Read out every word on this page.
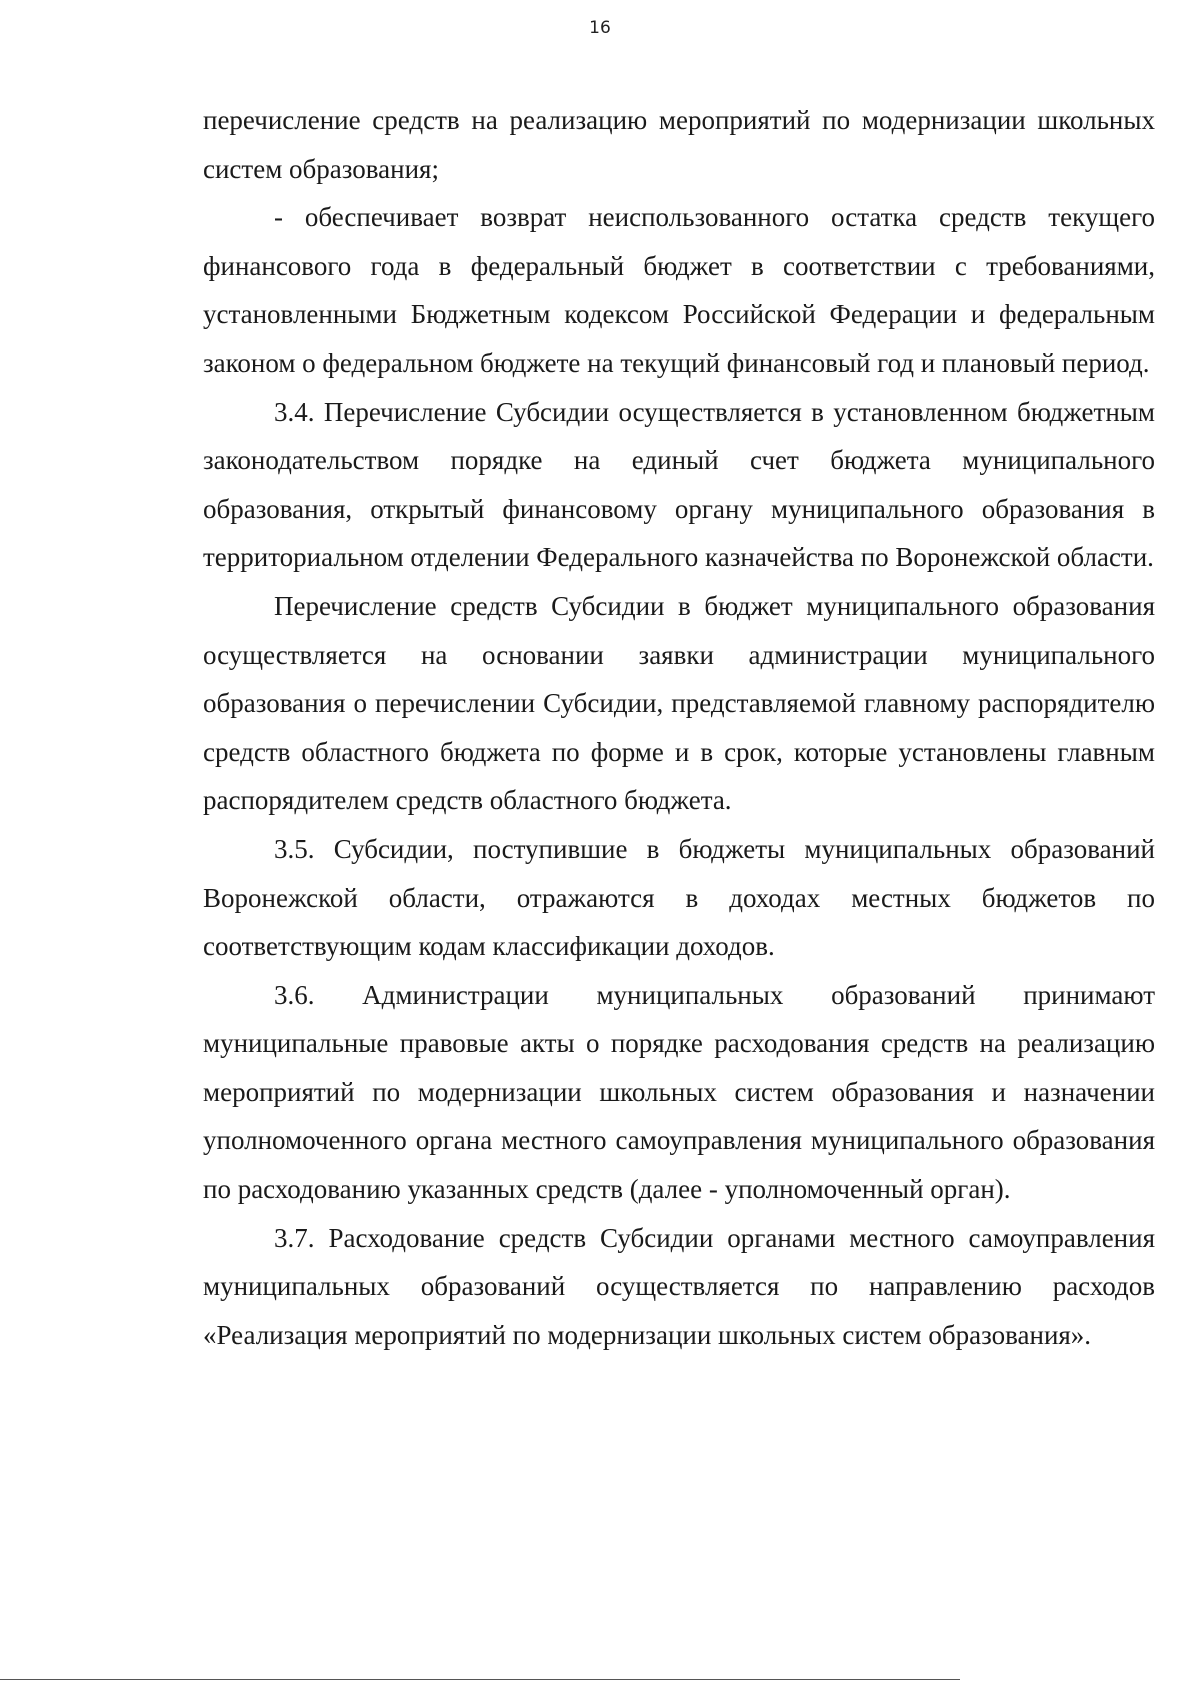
16

перечисление средств на реализацию мероприятий по модернизации школьных систем образования;

- обеспечивает возврат неиспользованного остатка средств текущего финансового года в федеральный бюджет в соответствии с требованиями, установленными Бюджетным кодексом Российской Федерации и федеральным законом о федеральном бюджете на текущий финансовый год и плановый период.

3.4. Перечисление Субсидии осуществляется в установленном бюджетным законодательством порядке на единый счет бюджета муниципального образования, открытый финансовому органу муниципального образования в территориальном отделении Федерального казначейства по Воронежской области.

Перечисление средств Субсидии в бюджет муниципального образования осуществляется на основании заявки администрации муниципального образования о перечислении Субсидии, представляемой главному распорядителю средств областного бюджета по форме и в срок, которые установлены главным распорядителем средств областного бюджета.

3.5. Субсидии, поступившие в бюджеты муниципальных образований Воронежской области, отражаются в доходах местных бюджетов по соответствующим кодам классификации доходов.

3.6. Администрации муниципальных образований принимают муниципальные правовые акты о порядке расходования средств на реализацию мероприятий по модернизации школьных систем образования и назначении уполномоченного органа местного самоуправления муниципального образования по расходованию указанных средств (далее - уполномоченный орган).

3.7. Расходование средств Субсидии органами местного самоуправления муниципальных образований осуществляется по направлению расходов «Реализация мероприятий по модернизации школьных систем образования».
